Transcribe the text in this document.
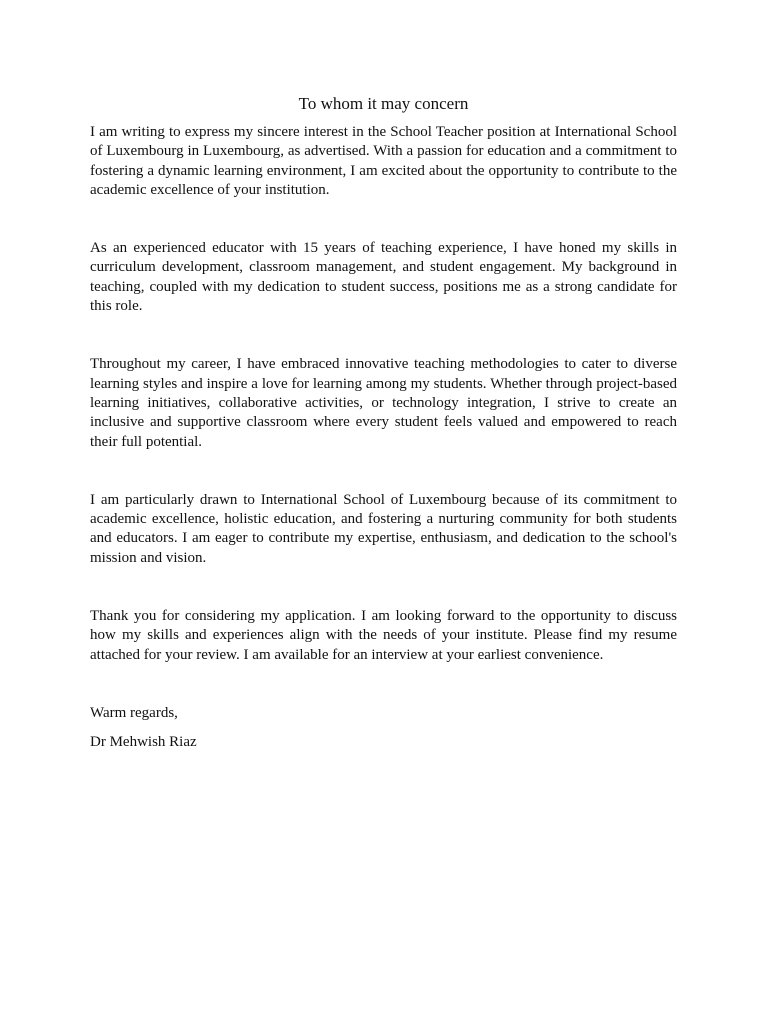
To whom it may concern

I am writing to express my sincere interest in the School Teacher position at International School of Luxembourg in Luxembourg, as advertised. With a passion for education and a commitment to fostering a dynamic learning environment, I am excited about the opportunity to contribute to the academic excellence of your institution.

As an experienced educator with 15 years of teaching experience, I have honed my skills in curriculum development, classroom management, and student engagement. My background in teaching, coupled with my dedication to student success, positions me as a strong candidate for this role.

Throughout my career, I have embraced innovative teaching methodologies to cater to diverse learning styles and inspire a love for learning among my students. Whether through project-based learning initiatives, collaborative activities, or technology integration, I strive to create an inclusive and supportive classroom where every student feels valued and empowered to reach their full potential.

I am particularly drawn to International School of Luxembourg because of its commitment to academic excellence, holistic education, and fostering a nurturing community for both students and educators. I am eager to contribute my expertise, enthusiasm, and dedication to the school's mission and vision.

Thank you for considering my application. I am looking forward to the opportunity to discuss how my skills and experiences align with the needs of your institute. Please find my resume attached for your review. I am available for an interview at your earliest convenience.

Warm regards,

Dr Mehwish Riaz
